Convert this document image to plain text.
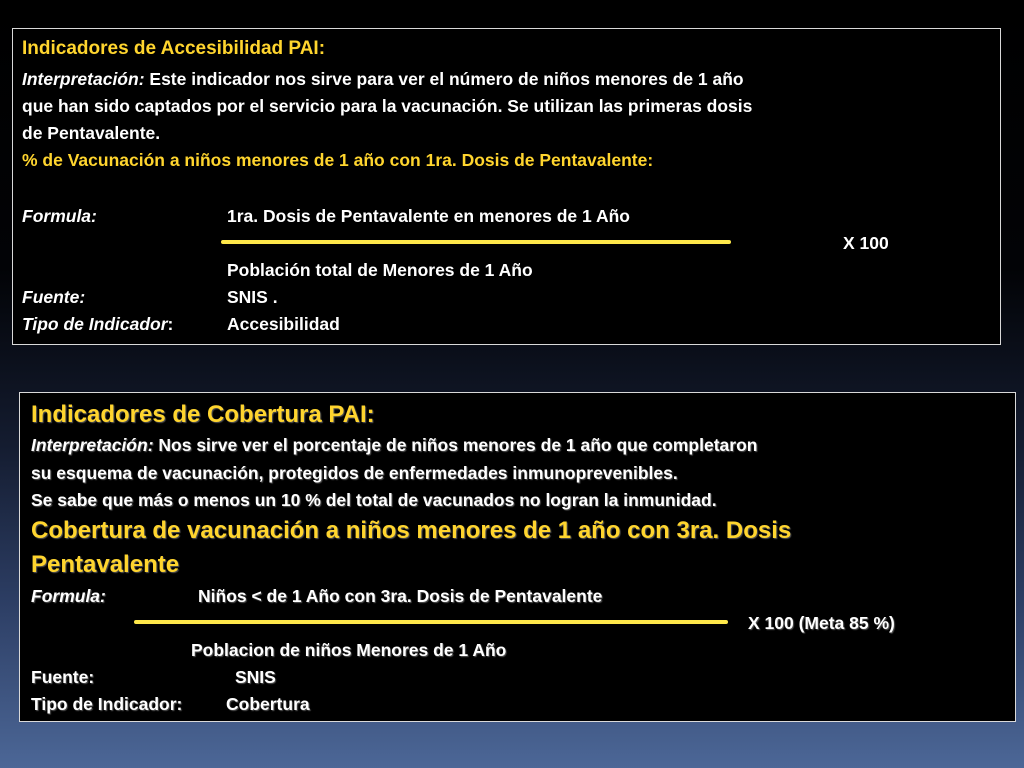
Indicadores de Accesibilidad PAI:
Interpretación: Este indicador nos sirve para ver el número de niños menores de 1 año
que han sido captados por el servicio para la vacunación. Se utilizan las primeras dosis
de Pentavalente.
% de Vacunación a niños menores de 1 año con 1ra. Dosis de Pentavalente:
Formula:	1ra. Dosis de Pentavalente en menores de 1 Año
X 100
Población total de Menores de 1 Año
Fuente:	SNIS .
Tipo de Indicador:	Accesibilidad
Indicadores de Cobertura PAI:
Interpretación: Nos sirve ver el porcentaje de niños menores de 1 año que completaron
su esquema de vacunación, protegidos de enfermedades inmunoprevenibles.
Se sabe que más o menos un 10 % del total de vacunados no logran la inmunidad.
Cobertura de vacunación a niños menores de 1 año con 3ra. Dosis
Pentavalente
Formula:	Niños < de 1 Año con 3ra. Dosis de Pentavalente
X 100 (Meta 85 %)
Poblacion de niños Menores de 1 Año
Fuente:	SNIS
Tipo de Indicador: Cobertura
